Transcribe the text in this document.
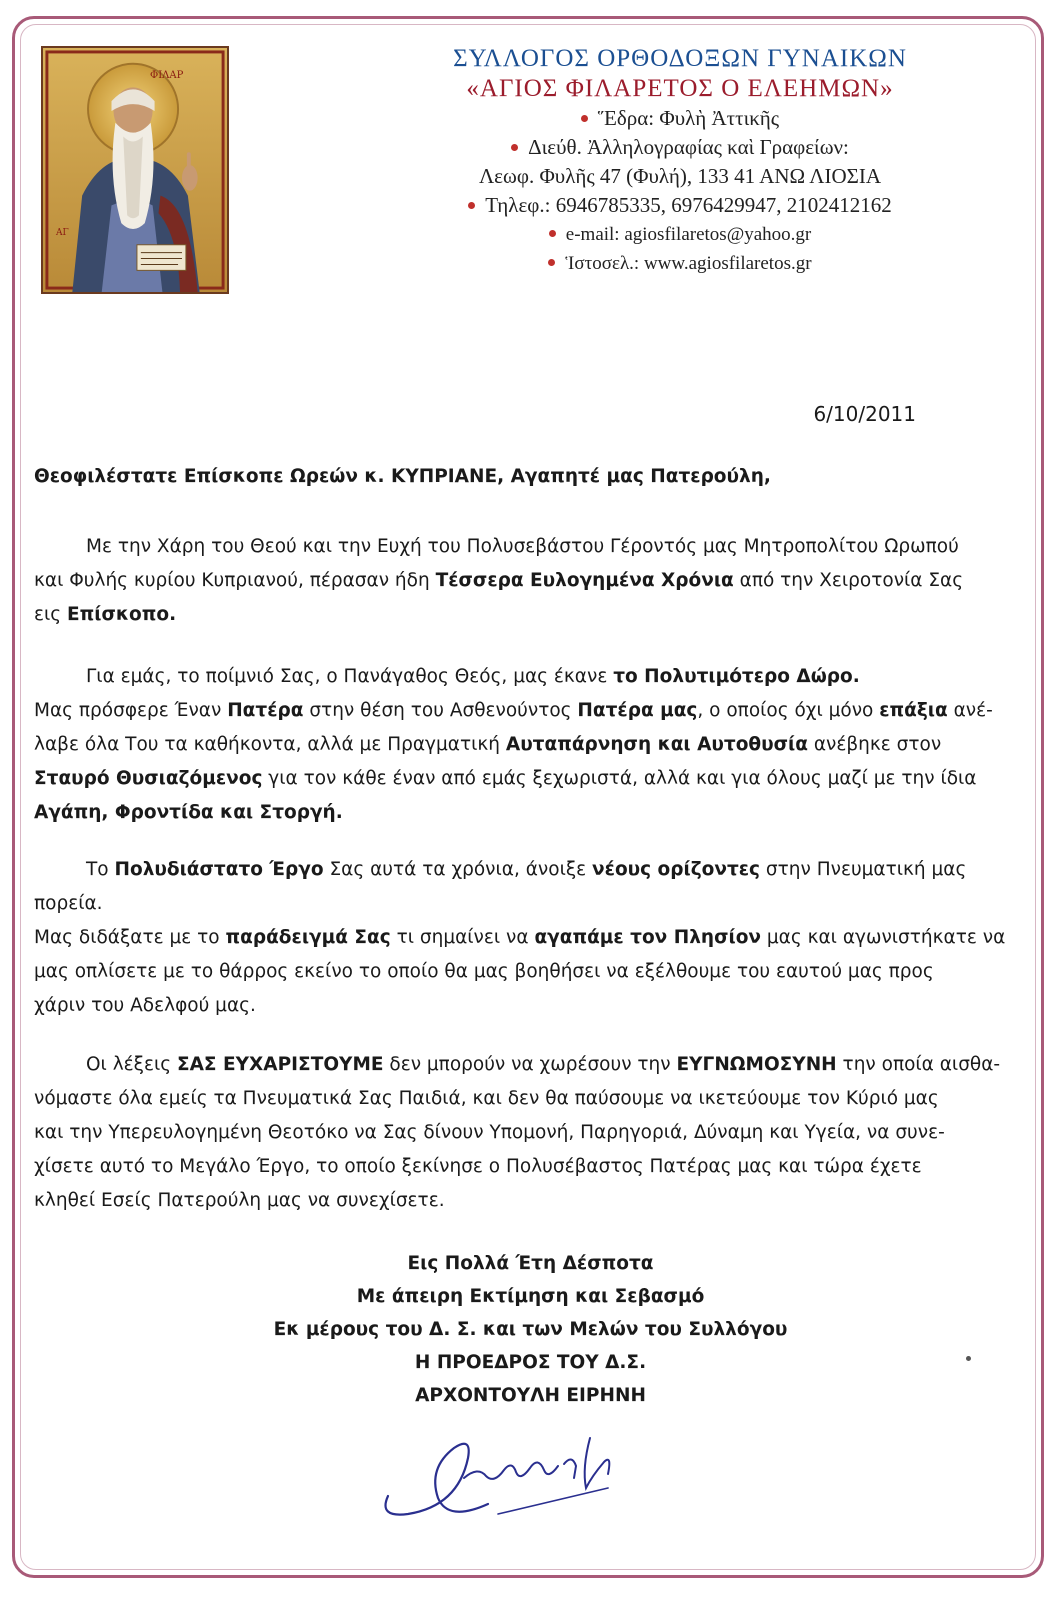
ΦΙΛΑΡ
ΑΓ
ΣΥΛΛΟΓΟΣ ΟΡΘΟΔΟΞΩΝ ΓΥΝΑΙΚΩΝ
«ΑΓΙΟΣ ΦΙΛΑΡΕΤΟΣ Ο ΕΛΕΗΜΩΝ»
Ἕδρα: Φυλὴ Ἀττικῆς
Διεύθ. Ἀλληλογραφίας καὶ Γραφείων:
Λεωφ. Φυλῆς 47 (Φυλή), 133 41 ΑΝΩ ΛΙΟΣΙΑ
Τηλεφ.: 6946785335, 6976429947, 2102412162
e-mail: agiosfilaretos@yahoo.gr
Ἱστοσελ.: www.agiosfilaretos.gr
6/10/2011
Θεοφιλέστατε Επίσκοπε Ωρεών κ. ΚΥΠΡΙΑΝΕ, Αγαπητέ μας Πατερούλη,
Με την Χάρη του Θεού και την Ευχή του Πολυσεβάστου Γέροντός μας Μητροπολίτου Ωρωπού
και Φυλής κυρίου Κυπριανού, πέρασαν ήδη Τέσσερα Ευλογημένα Χρόνια από την Χειροτονία Σας
εις Επίσκοπο.
Για εμάς, το ποίμνιό Σας, ο Πανάγαθος Θεός, μας έκανε το Πολυτιμότερο Δώρο.
Μας πρόσφερε Έναν Πατέρα στην θέση του Ασθενούντος Πατέρα μας, ο οποίος όχι μόνο επάξια ανέ-
λαβε όλα Του τα καθήκοντα, αλλά με Πραγματική Αυταπάρνηση και Αυτοθυσία ανέβηκε στον
Σταυρό Θυσιαζόμενος για τον κάθε έναν από εμάς ξεχωριστά, αλλά και για όλους μαζί με την ίδια
Αγάπη, Φροντίδα και Στοργή.
Το Πολυδιάστατο Έργο Σας αυτά τα χρόνια, άνοιξε νέους ορίζοντες στην Πνευματική μας
πορεία.
Μας διδάξατε με το παράδειγμά Σας τι σημαίνει να αγαπάμε τον Πλησίον μας και αγωνιστήκατε να
μας οπλίσετε με το θάρρος εκείνο το οποίο θα μας βοηθήσει να εξέλθουμε του εαυτού μας προς
χάριν του Αδελφού μας.
Οι λέξεις ΣΑΣ ΕΥΧΑΡΙΣΤΟΥΜΕ δεν μπορούν να χωρέσουν την ΕΥΓΝΩΜΟΣΥΝΗ την οποία αισθα-
νόμαστε όλα εμείς τα Πνευματικά Σας Παιδιά, και δεν θα παύσουμε να ικετεύουμε τον Κύριό μας
και την Υπερευλογημένη Θεοτόκο να Σας δίνουν Υπομονή, Παρηγοριά, Δύναμη και Υγεία, να συνε-
χίσετε αυτό το Μεγάλο Έργο, το οποίο ξεκίνησε ο Πολυσέβαστος Πατέρας μας και τώρα έχετε
κληθεί Εσείς Πατερούλη μας να συνεχίσετε.
Εις Πολλά Έτη Δέσποτα
Με άπειρη Εκτίμηση και Σεβασμό
Εκ μέρους του Δ. Σ. και των Μελών του Συλλόγου
Η ΠΡΟΕΔΡΟΣ ΤΟΥ Δ.Σ.
ΑΡΧΟΝΤΟΥΛΗ ΕΙΡΗΝΗ
